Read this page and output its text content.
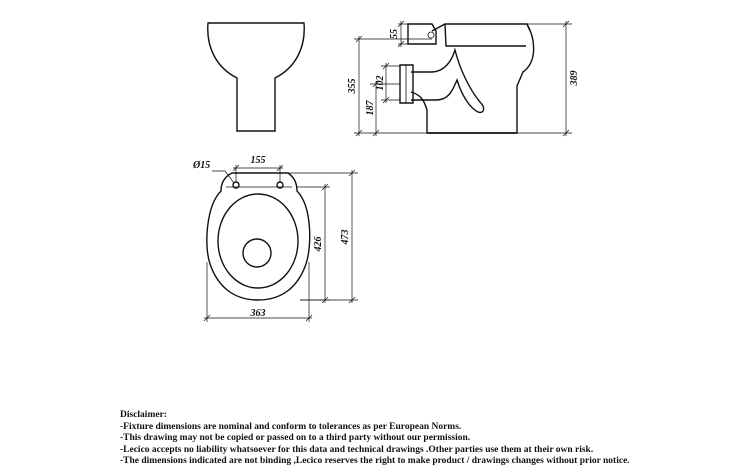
55
102
187
355
389
Ø15	155
426 473
363
Disclaimer:
-Fixture dimensions are nominal and conform to tolerances as per European Norms.
-This drawing may not be copied or passed on to a third party without our permission.
-Lecico accepts no liability whatsoever for this data and technical drawings .Other parties use them at their own risk.
-The dimensions indicated are not binding ,Lecico reserves the right to make product / drawings changes without prior notice.
